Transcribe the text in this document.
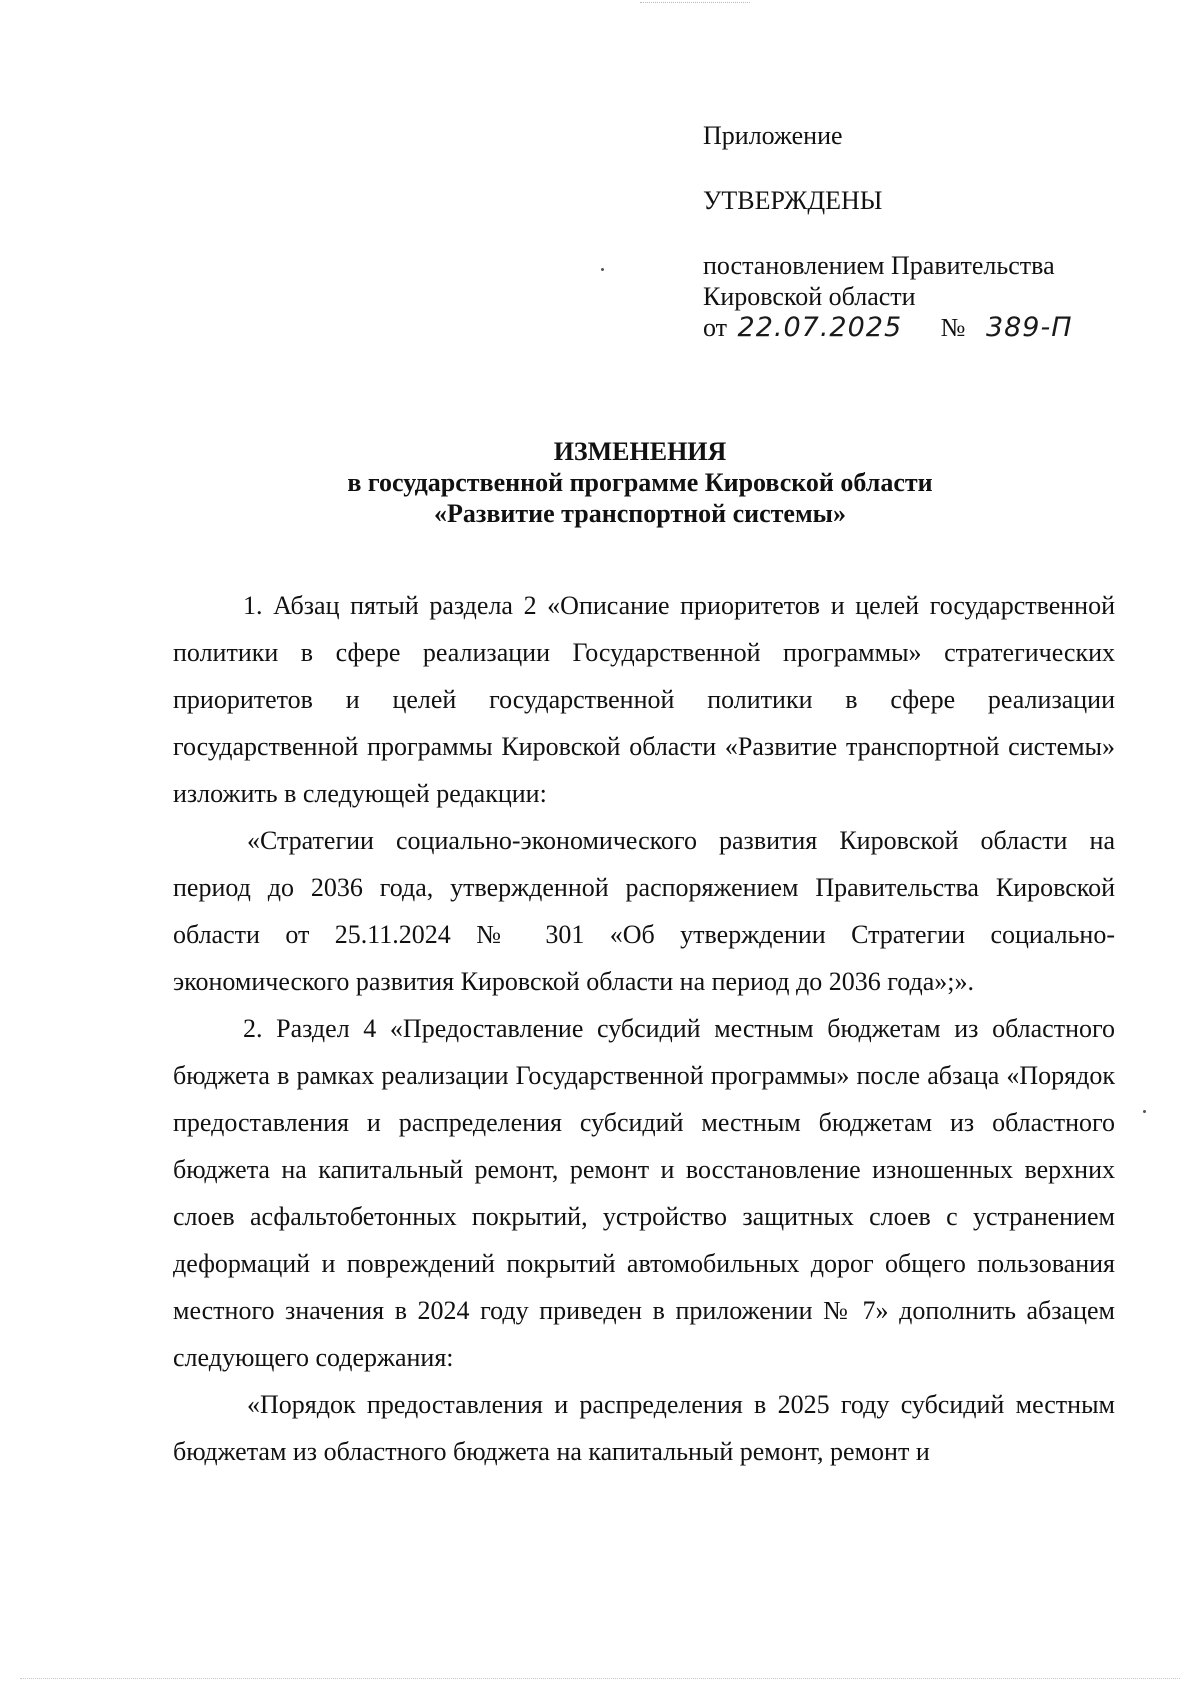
Приложение
УТВЕРЖДЕНЫ
постановлением Правительства
Кировской области
от 22.07.2025 № 389-П
ИЗМЕНЕНИЯ
в государственной программе Кировской области
«Развитие транспортной системы»

1. Абзац пятый раздела 2 «Описание приоритетов и целей государственной политики в сфере реализации Государственной программы» стратегических приоритетов и целей государственной политики в сфере реализации государственной программы Кировской области «Развитие транспортной системы» изложить в следующей редакции:

«Стратегии социально-экономического развития Кировской области на период до 2036 года, утвержденной распоряжением Правительства Кировской области от 25.11.2024 № 301 «Об утверждении Стратегии социально-экономического развития Кировской области на период до 2036 года»;».

2. Раздел 4 «Предоставление субсидий местным бюджетам из областного бюджета в рамках реализации Государственной программы» после абзаца «Порядок предоставления и распределения субсидий местным бюджетам из областного бюджета на капитальный ремонт, ремонт и восстановление изношенных верхних слоев асфальтобетонных покрытий, устройство защитных слоев с устранением деформаций и повреждений покрытий автомобильных дорог общего пользования местного значения в 2024 году приведен в приложении № 7» дополнить абзацем следующего содержания:

«Порядок предоставления и распределения в 2025 году субсидий местным бюджетам из областного бюджета на капитальный ремонт, ремонт и
